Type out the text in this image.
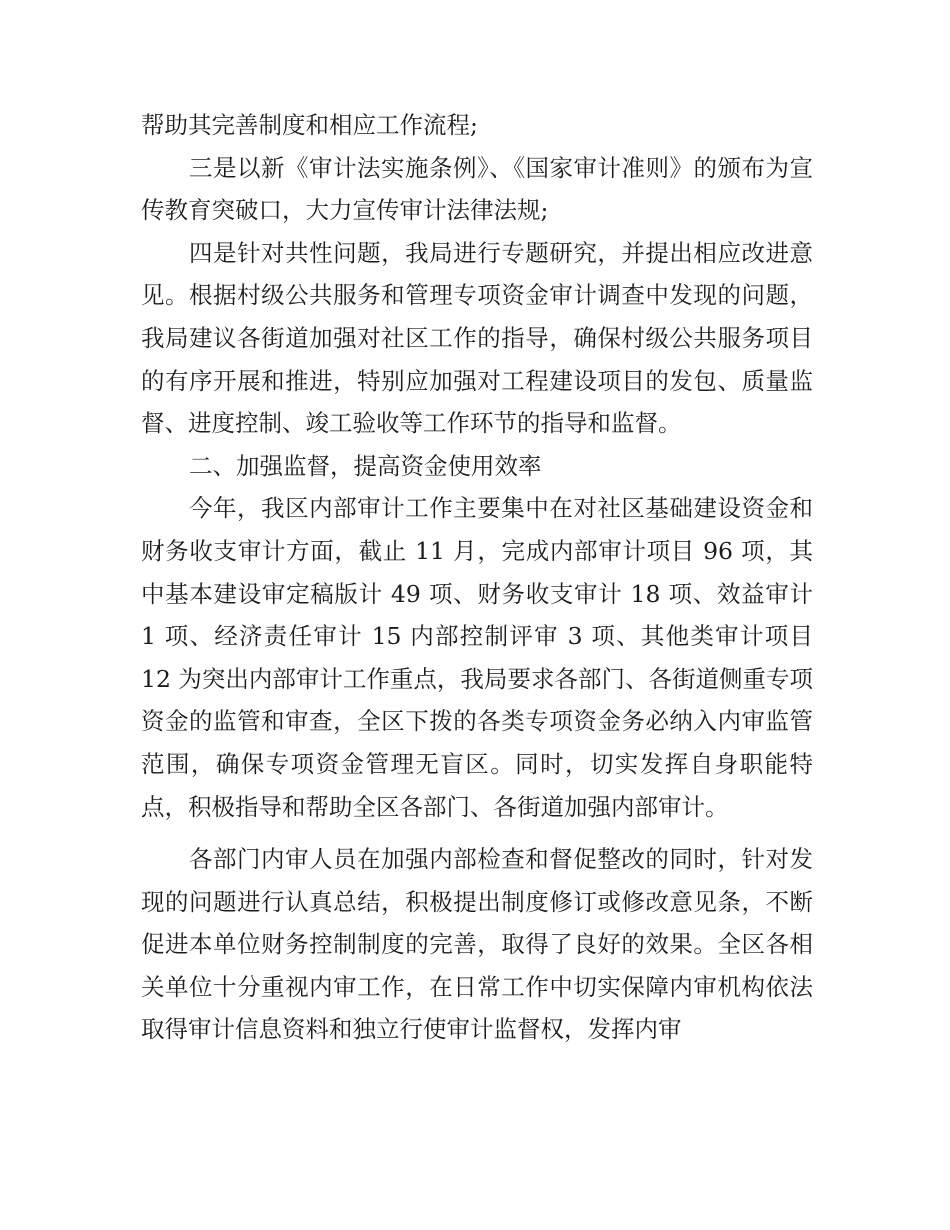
帮助其完善制度和相应工作流程;

三是以新《审计法实施条例》、《国家审计准则》的颁布为宣传教育突破口，大力宣传审计法律法规;

四是针对共性问题，我局进行专题研究，并提出相应改进意见。根据村级公共服务和管理专项资金审计调查中发现的问题，我局建议各街道加强对社区工作的指导，确保村级公共服务项目的有序开展和推进，特别应加强对工程建设项目的发包、质量监督、进度控制、竣工验收等工作环节的指导和监督。

二、加强监督，提高资金使用效率

今年，我区内部审计工作主要集中在对社区基础建设资金和财务收支审计方面，截止 11 月，完成内部审计项目 96 项，其中基本建设审定稿版计 49 项、财务收支审计 18 项、效益审计 1 项、经济责任审计 15 内部控制评审 3 项、其他类审计项目 12 为突出内部审计工作重点，我局要求各部门、各街道侧重专项资金的监管和审查，全区下拨的各类专项资金务必纳入内审监管范围，确保专项资金管理无盲区。同时，切实发挥自身职能特点，积极指导和帮助全区各部门、各街道加强内部审计。

各部门内审人员在加强内部检查和督促整改的同时，针对发现的问题进行认真总结，积极提出制度修订或修改意见条，不断促进本单位财务控制制度的完善，取得了良好的效果。全区各相关单位十分重视内审工作，在日常工作中切实保障内审机构依法取得审计信息资料和独立行使审计监督权，发挥内审
